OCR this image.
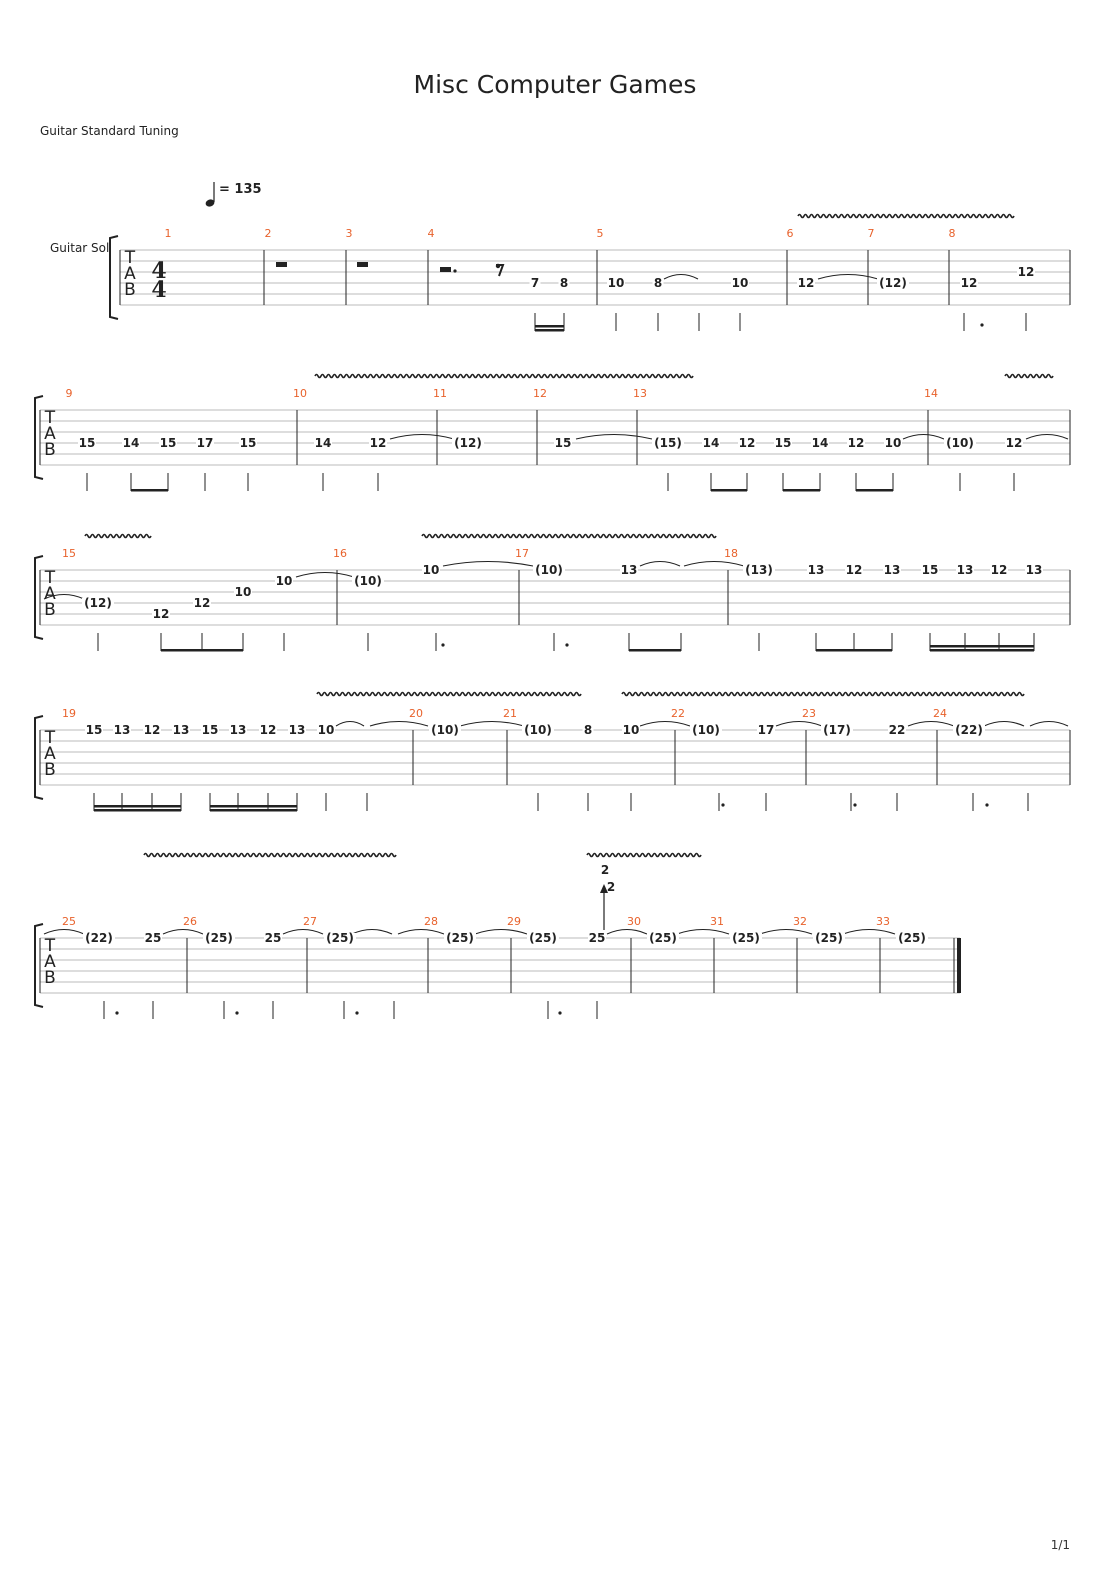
Misc Computer Games
Guitar Standard Tuning
1/1
T
A
B
1	2	3	4	5	6	7	8
7 8	10 8	10	12	(12)	12
12
T
A
B
9	10	11	12	13	14
15 14 15 17 15	14	12	(12)	15	(15) 14 12 15 14 12 10	(10)	12
T
A
B
15	16	17	18
(12)
12
12
10
10	(10)
10	(10)	13	(13)	13 12 13 15 13 12 13
T
A
B
19	20	21	22	23	24
15 13 12 13 15 13 12 13 10	(10)	(10)	8	10	(10)	17	(17)	22	(22)
T
A
B
25	26	27	28	29	30	31	32	33
(22)	25	(25)	25	(25)	(25)	(25)	25	(25)	(25)	(25)	(25)
Guitar Sol
4
4
= 135
2
2
